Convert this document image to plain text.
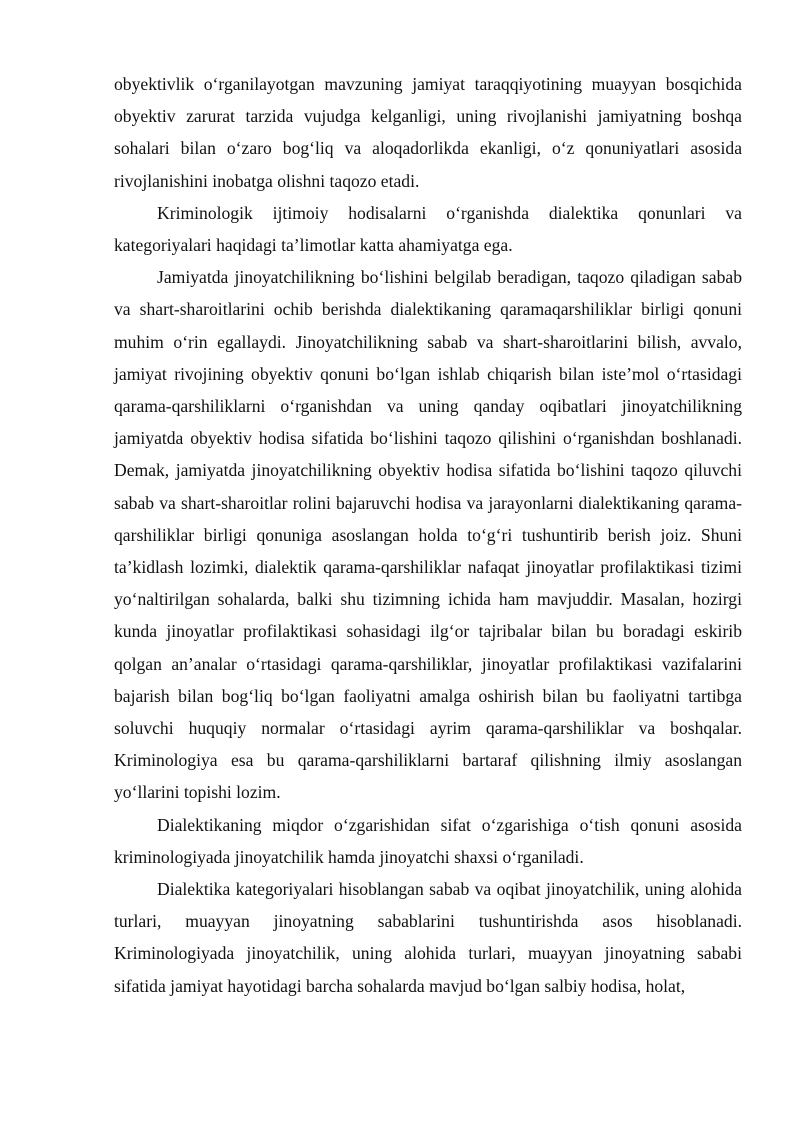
obyektivlik o‘rganilayotgan mavzuning jamiyat taraqqiyotining muayyan bosqichida obyektiv zarurat tarzida vujudga kelganligi, uning rivojlanishi jamiyatning boshqa sohalari bilan o‘zaro bog‘liq va aloqadorlikda ekanligi, o‘z qonuniyatlari asosida rivojlanishini inobatga olishni taqozo etadi.

Kriminologik ijtimoiy hodisalarni o‘rganishda dialektika qonunlari va kategoriyalari haqidagi ta’limotlar katta ahamiyatga ega.

Jamiyatda jinoyatchilikning bo‘lishini belgilab beradigan, taqozo qiladigan sabab va shart-sharoitlarini ochib berishda dialektikaning qaramaqarshiliklar birligi qonuni muhim o‘rin egallaydi. Jinoyatchilikning sabab va shart-sharoitlarini bilish, avvalo, jamiyat rivojining obyektiv qonuni bo‘lgan ishlab chiqarish bilan iste’mol o‘rtasidagi qarama-qarshiliklarni o‘rganishdan va uning qanday oqibatlari jinoyatchilikning jamiyatda obyektiv hodisa sifatida bo‘lishini taqozo qilishini o‘rganishdan boshlanadi. Demak, jamiyatda jinoyatchilikning obyektiv hodisa sifatida bo‘lishini taqozo qiluvchi sabab va shart-sharoitlar rolini bajaruvchi hodisa va jarayonlarni dialektikaning qarama-qarshiliklar birligi qonuniga asoslangan holda to‘g‘ri tushuntirib berish joiz. Shuni ta’kidlash lozimki, dialektik qarama-qarshiliklar nafaqat jinoyatlar profilaktikasi tizimi yo‘naltirilgan sohalarda, balki shu tizimning ichida ham mavjuddir. Masalan, hozirgi kunda jinoyatlar profilaktikasi sohasidagi ilg‘or tajribalar bilan bu boradagi eskirib qolgan an’analar o‘rtasidagi qarama-qarshiliklar, jinoyatlar profilaktikasi vazifalarini bajarish bilan bog‘liq bo‘lgan faoliyatni amalga oshirish bilan bu faoliyatni tartibga soluvchi huquqiy normalar o‘rtasidagi ayrim qarama-qarshiliklar va boshqalar. Kriminologiya esa bu qarama-qarshiliklarni bartaraf qilishning ilmiy asoslangan yo‘llarini topishi lozim.

Dialektikaning miqdor o‘zgarishidan sifat o‘zgarishiga o‘tish qonuni asosida kriminologiyada jinoyatchilik hamda jinoyatchi shaxsi o‘rganiladi.

Dialektika kategoriyalari hisoblangan sabab va oqibat jinoyatchilik, uning alohida turlari, muayyan jinoyatning sabablarini tushuntirishda asos hisoblanadi. Kriminologiyada jinoyatchilik, uning alohida turlari, muayyan jinoyatning sababi sifatida jamiyat hayotidagi barcha sohalarda mavjud bo‘lgan salbiy hodisa, holat,
